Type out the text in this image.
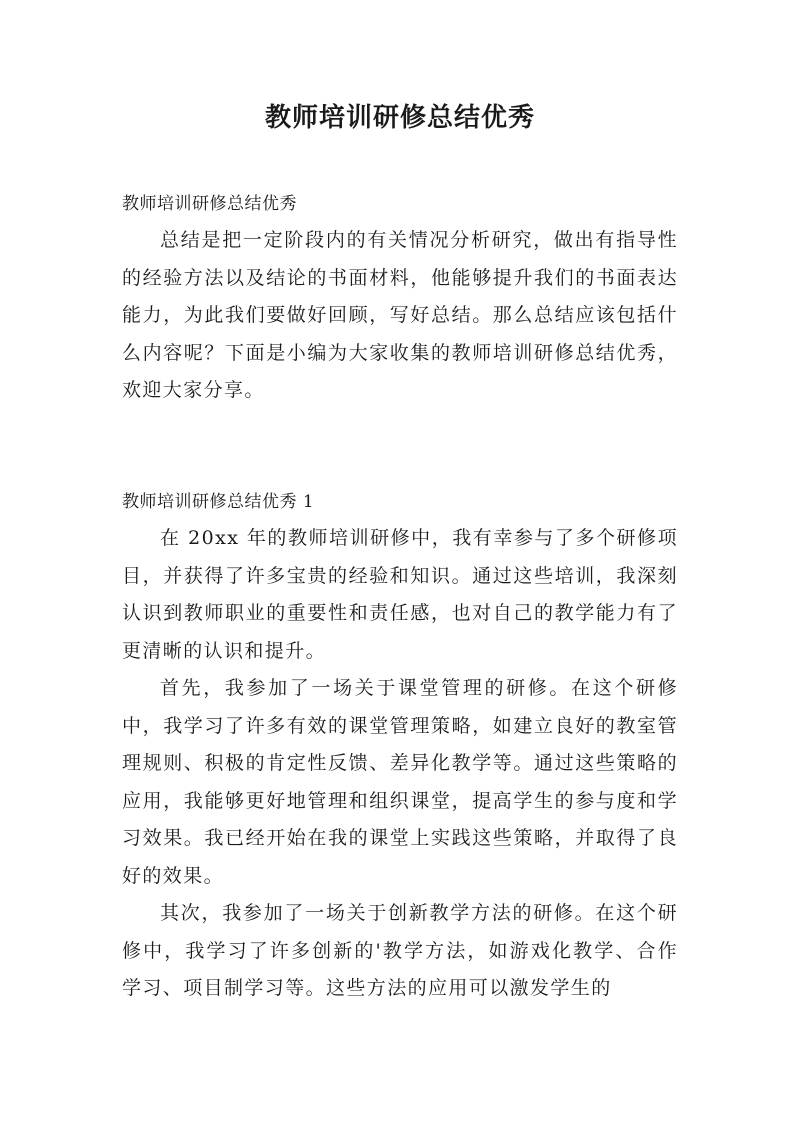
教师培训研修总结优秀

教师培训研修总结优秀

总结是把一定阶段内的有关情况分析研究，做出有指导性的经验方法以及结论的书面材料，他能够提升我们的书面表达能力，为此我们要做好回顾，写好总结。那么总结应该包括什么内容呢？下面是小编为大家收集的教师培训研修总结优秀，欢迎大家分享。

教师培训研修总结优秀 1

在 20xx 年的教师培训研修中，我有幸参与了多个研修项目，并获得了许多宝贵的经验和知识。通过这些培训，我深刻认识到教师职业的重要性和责任感，也对自己的教学能力有了更清晰的认识和提升。

首先，我参加了一场关于课堂管理的研修。在这个研修中，我学习了许多有效的课堂管理策略，如建立良好的教室管理规则、积极的肯定性反馈、差异化教学等。通过这些策略的应用，我能够更好地管理和组织课堂，提高学生的参与度和学习效果。我已经开始在我的课堂上实践这些策略，并取得了良好的效果。

其次，我参加了一场关于创新教学方法的研修。在这个研修中，我学习了许多创新的'教学方法，如游戏化教学、合作学习、项目制学习等。这些方法的应用可以激发学生的
